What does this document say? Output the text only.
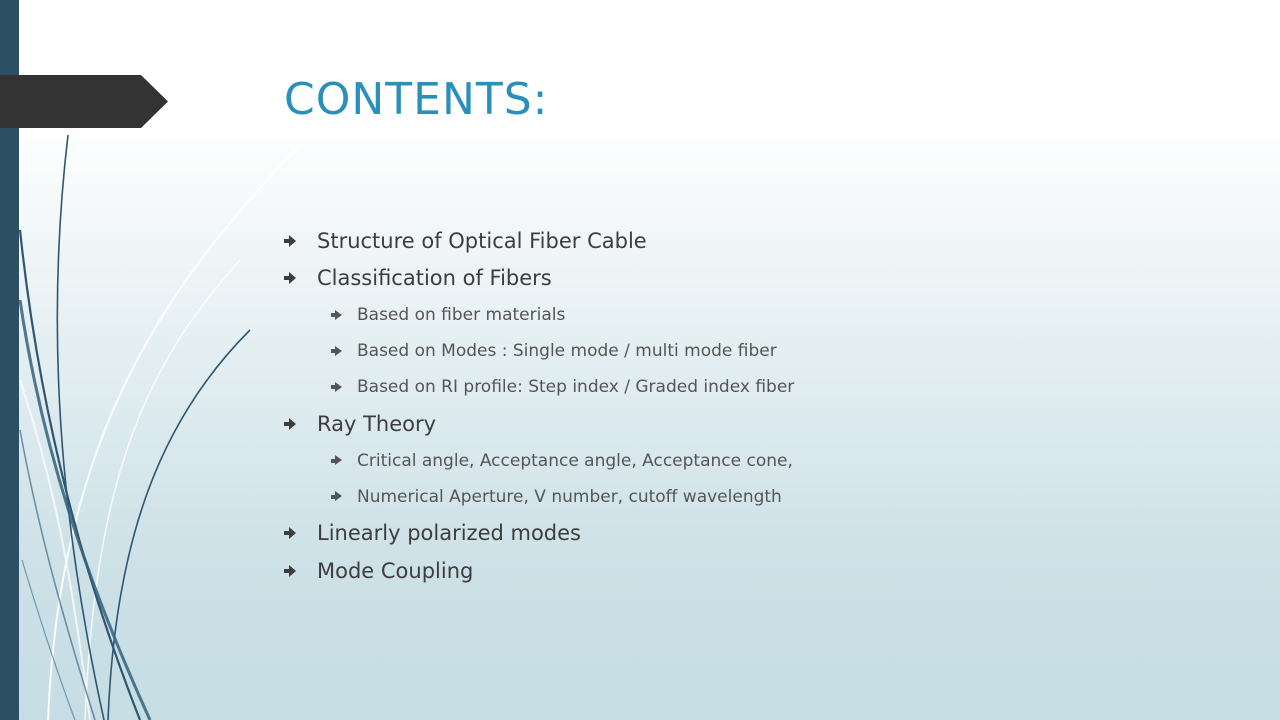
CONTENTS:
Structure of Optical Fiber Cable
Classification of Fibers
Based on fiber materials
Based on Modes : Single mode / multi mode fiber
Based on RI profile: Step index / Graded index fiber
Ray Theory
Critical angle, Acceptance angle, Acceptance cone,
Numerical Aperture, V number, cutoff wavelength
Linearly polarized modes
Mode Coupling
